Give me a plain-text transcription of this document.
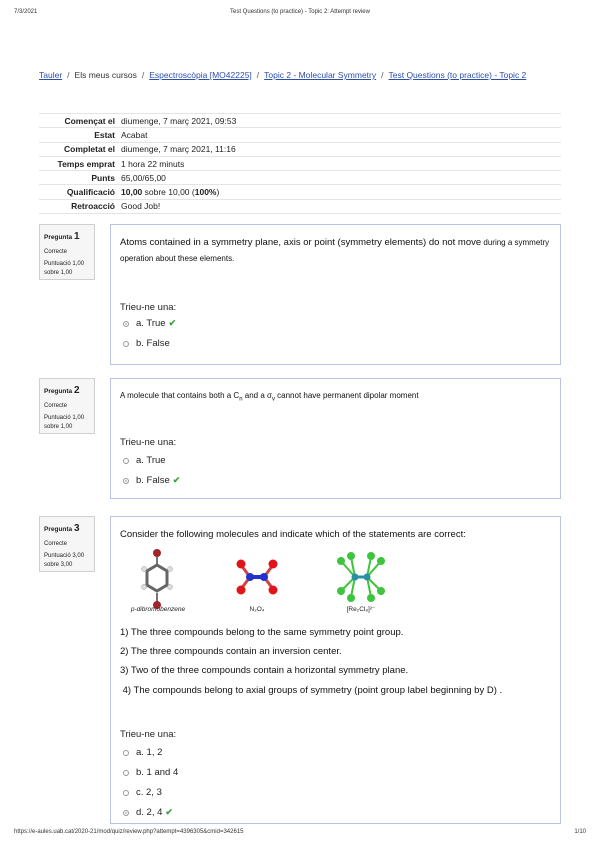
7/3/2021	Test Questions (to practice) - Topic 2: Attempt review
Tauler / Els meus cursos / Espectroscòpia [MO42225] / Topic 2 - Molecular Symmetry / Test Questions (to practice) - Topic 2
Començat el	diumenge, 7 març 2021, 09:53
Estat	Acabat
Completat el	diumenge, 7 març 2021, 11:16
Temps emprat	1 hora 22 minuts
Punts	65,00/65,00
Qualificació	10,00 sobre 10,00 (100%)
Retroacció	Good Job!
Pregunta 1
Correcte
Puntuació 1,00 sobre 1,00
Atoms contained in a symmetry plane, axis or point (symmetry elements) do not move during a symmetry
operation about these elements.
Trieu-ne una:
a. True ✔
b. False
Pregunta 2
Correcte
Puntuació 1,00 sobre 1,00
A molecule that contains both a $C_n$ and a $\sigma_v$ cannot have permanent dipolar moment
Trieu-ne una:
a. True
b. False ✔
Pregunta 3
Correcte
Puntuació 3,00 sobre 3,00
Consider the following molecules and indicate which of the statements are correct:
p-dibromobenzene	N₂O₄	[Re₂Cl₈]²⁻
1) The three compounds belong to the same symmetry point group.
2) The three compounds contain an inversion center.
3) Two of the three compounds contain a horizontal symmetry plane.
4) The compounds belong to axial groups of symmetry (point group label beginning by D) .
Trieu-ne una:
a. 1, 2
b. 1 and 4
c. 2, 3
d. 2, 4 ✔
https://e-aules.uab.cat/2020-21/mod/quiz/review.php?attempt=4396305&cmid=342615	1/10
